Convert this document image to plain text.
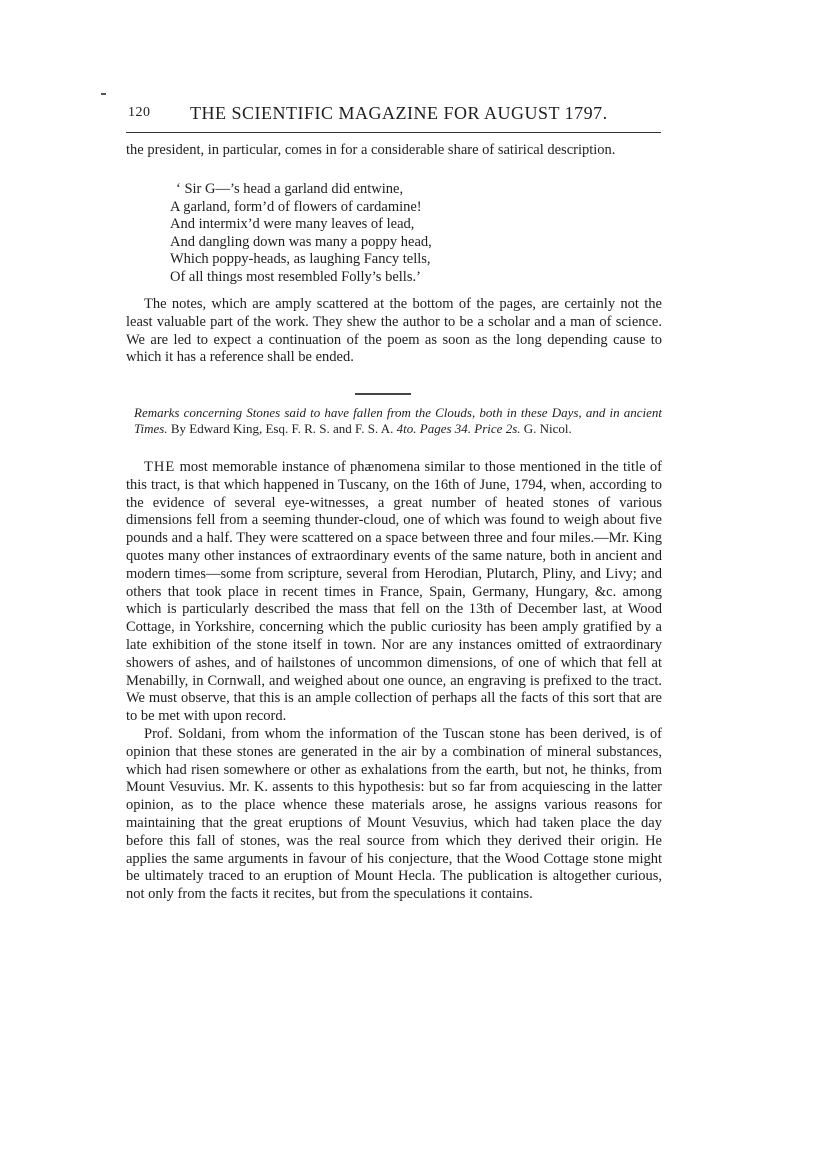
120 THE SCIENTIFIC MAGAZINE FOR AUGUST 1797.

the president, in particular, comes in for a considerable share of satirical description.

‘ Sir G—’s head a garland did entwine,
A garland, form’d of flowers of cardamine!
And intermix’d were many leaves of lead,
And dangling down was many a poppy head,
Which poppy-heads, as laughing Fancy tells,
Of all things most resembled Folly’s bells.’

The notes, which are amply scattered at the bottom of the pages, are certainly not the least valuable part of the work. They shew the author to be a scholar and a man of science. We are led to expect a continuation of the poem as soon as the long depending cause to which it has a reference shall be ended.

Remarks concerning Stones said to have fallen from the Clouds, both in these Days, and in ancient Times. By Edward King, Esq. F. R. S. and F. S. A. 4to. Pages 34. Price 2s. G. Nicol.

THE most memorable instance of phænomena similar to those mentioned in the title of this tract, is that which happened in Tuscany, on the 16th of June, 1794, when, according to the evidence of several eye-witnesses, a great number of heated stones of various dimensions fell from a seeming thunder-cloud, one of which was found to weigh about five pounds and a half. They were scattered on a space between three and four miles.—Mr. King quotes many other instances of extraordinary events of the same nature, both in ancient and modern times—some from scripture, several from Herodian, Plutarch, Pliny, and Livy; and others that took place in recent times in France, Spain, Germany, Hungary, &c. among which is particularly described the mass that fell on the 13th of December last, at Wood Cottage, in Yorkshire, concerning which the public curiosity has been amply gratified by a late exhibition of the stone itself in town. Nor are any instances omitted of extraordinary showers of ashes, and of hailstones of uncommon dimensions, of one of which that fell at Menabilly, in Cornwall, and weighed about one ounce, an engraving is prefixed to the tract. We must observe, that this is an ample collection of perhaps all the facts of this sort that are to be met with upon record.

Prof. Soldani, from whom the information of the Tuscan stone has been derived, is of opinion that these stones are generated in the air by a combination of mineral substances, which had risen somewhere or other as exhalations from the earth, but not, he thinks, from Mount Vesuvius. Mr. K. assents to this hypothesis: but so far from acquiescing in the latter opinion, as to the place whence these materials arose, he assigns various reasons for maintaining that the great eruptions of Mount Vesuvius, which had taken place the day before this fall of stones, was the real source from which they derived their origin. He applies the same arguments in favour of his conjecture, that the Wood Cottage stone might be ultimately traced to an eruption of Mount Hecla. The publication is altogether curious, not only from the facts it recites, but from the speculations it contains.
